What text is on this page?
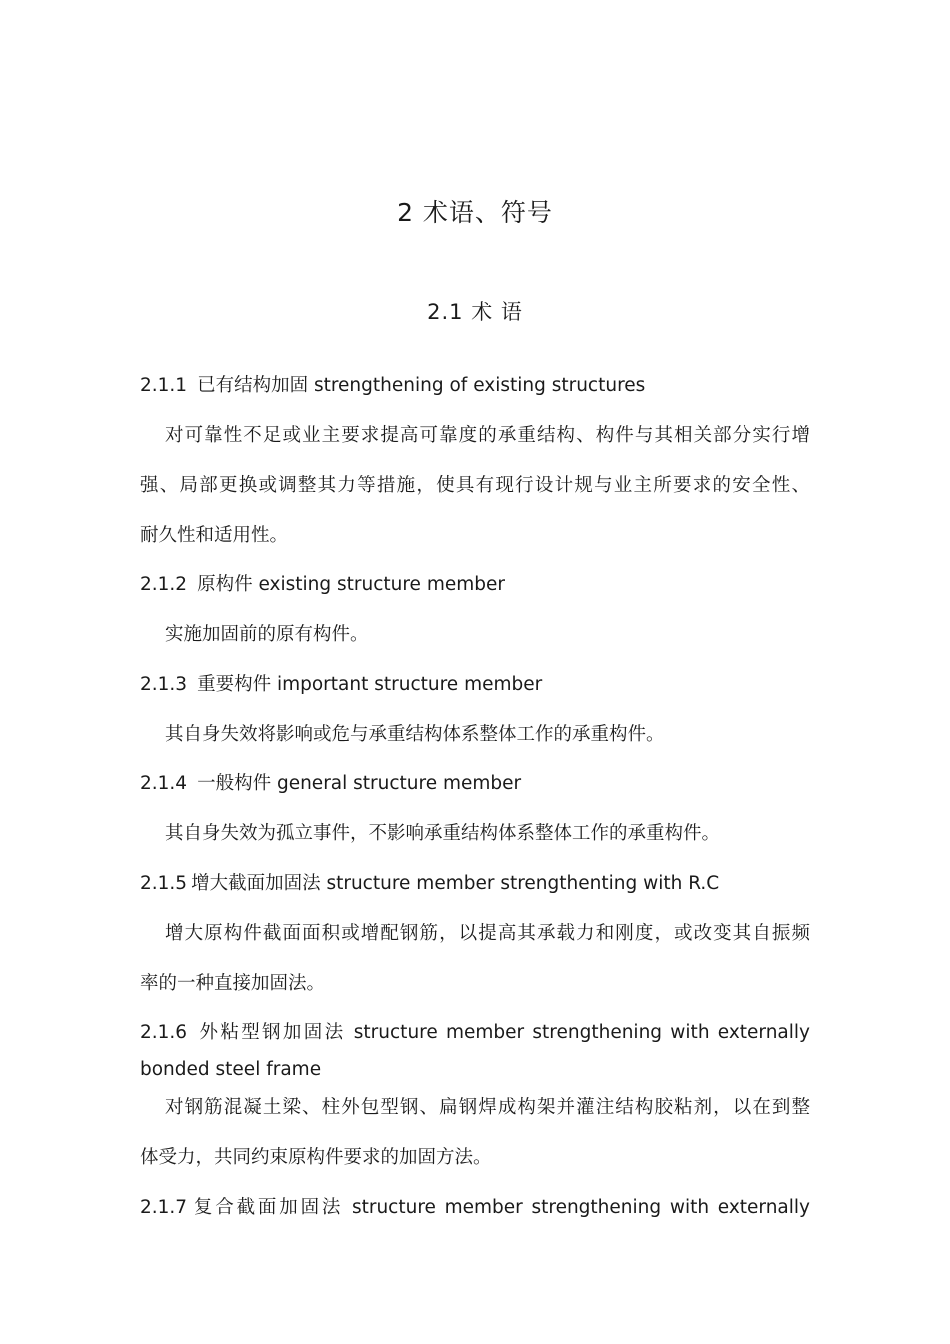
2 术语、符号
2.1 术 语
2.1.1 已有结构加固 strengthening of existing structures
对可靠性不足或业主要求提高可靠度的承重结构、构件与其相关部分实行增
强、局部更换或调整其力等措施，使具有现行设计规与业主所要求的安全性、
耐久性和适用性。
2.1.2 原构件 existing structure member
实施加固前的原有构件。
2.1.3 重要构件 important structure member
其自身失效将影响或危与承重结构体系整体工作的承重构件。
2.1.4 一般构件 general structure member
其自身失效为孤立事件，不影响承重结构体系整体工作的承重构件。
2.1.5 增大截面加固法 structure member strengthenting with R.C
增大原构件截面面积或增配钢筋，以提高其承载力和刚度，或改变其自振频
率的一种直接加固法。
2.1.6 外粘型钢加固法 structure member strengthening with externally
bonded steel frame
对钢筋混凝土梁、柱外包型钢、扁钢焊成构架并灌注结构胶粘剂，以在到整
体受力，共同约束原构件要求的加固方法。
2.1.7 复合截面加固法 structure member strengthening with externally
